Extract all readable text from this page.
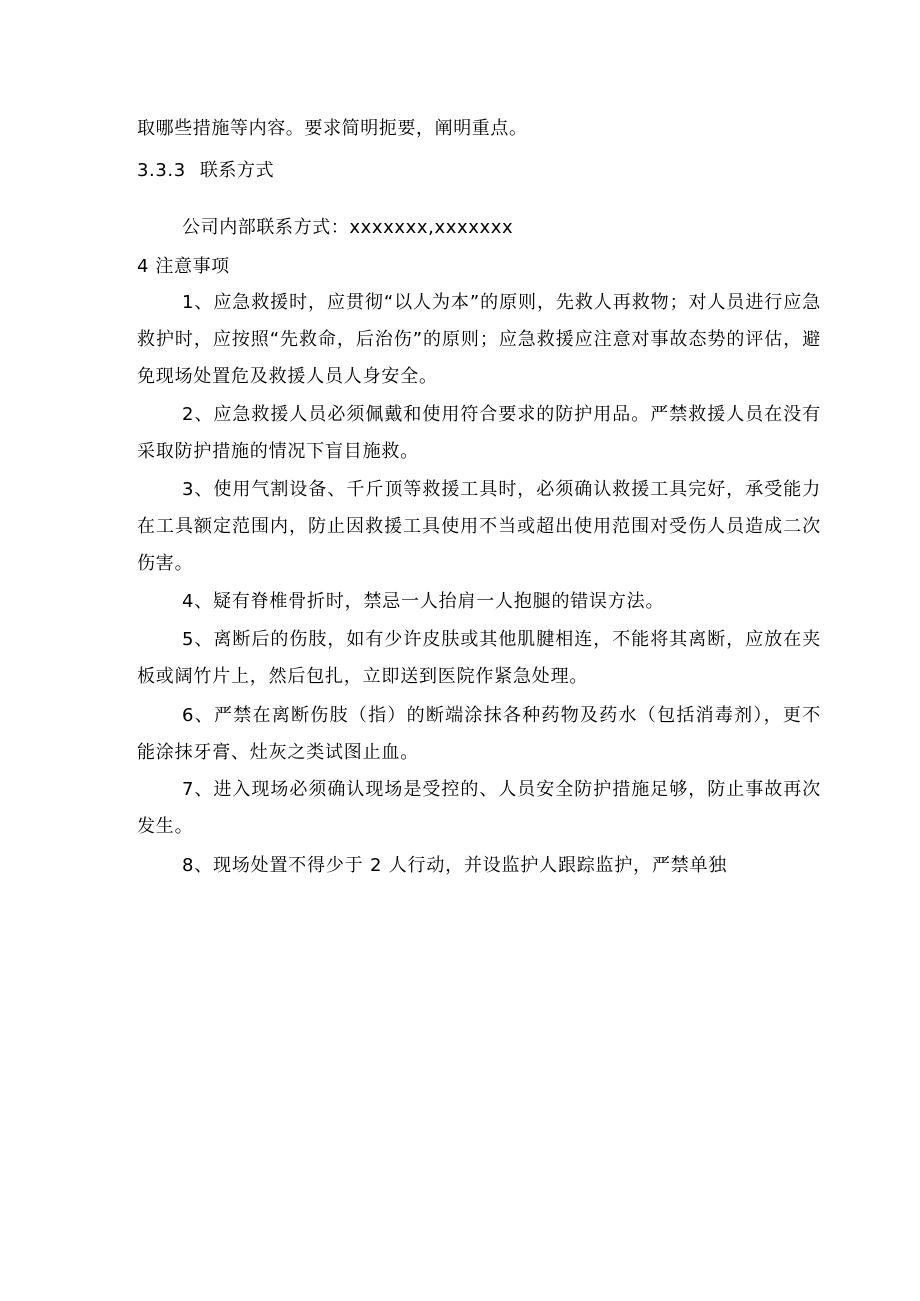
取哪些措施等内容。要求简明扼要，阐明重点。
3.3.3 联系方式
公司内部联系方式：xxxxxxx,xxxxxxx
4 注意事项

1、应急救援时，应贯彻“以人为本”的原则，先救人再救物；对人员进行应急救护时，应按照“先救命，后治伤”的原则；应急救援应注意对事故态势的评估，避免现场处置危及救援人员人身安全。

2、应急救援人员必须佩戴和使用符合要求的防护用品。严禁救援人员在没有采取防护措施的情况下盲目施救。

3、使用气割设备、千斤顶等救援工具时，必须确认救援工具完好，承受能力在工具额定范围内，防止因救援工具使用不当或超出使用范围对受伤人员造成二次伤害。

4、疑有脊椎骨折时，禁忌一人抬肩一人抱腿的错误方法。

5、离断后的伤肢，如有少许皮肤或其他肌腱相连，不能将其离断，应放在夹板或阔竹片上，然后包扎，立即送到医院作紧急处理。

6、严禁在离断伤肢（指）的断端涂抹各种药物及药水（包括消毒剂），更不能涂抹牙膏、灶灰之类试图止血。

7、进入现场必须确认现场是受控的、人员安全防护措施足够，防止事故再次发生。

8、现场处置不得少于 2 人行动，并设监护人跟踪监护，严禁单独
